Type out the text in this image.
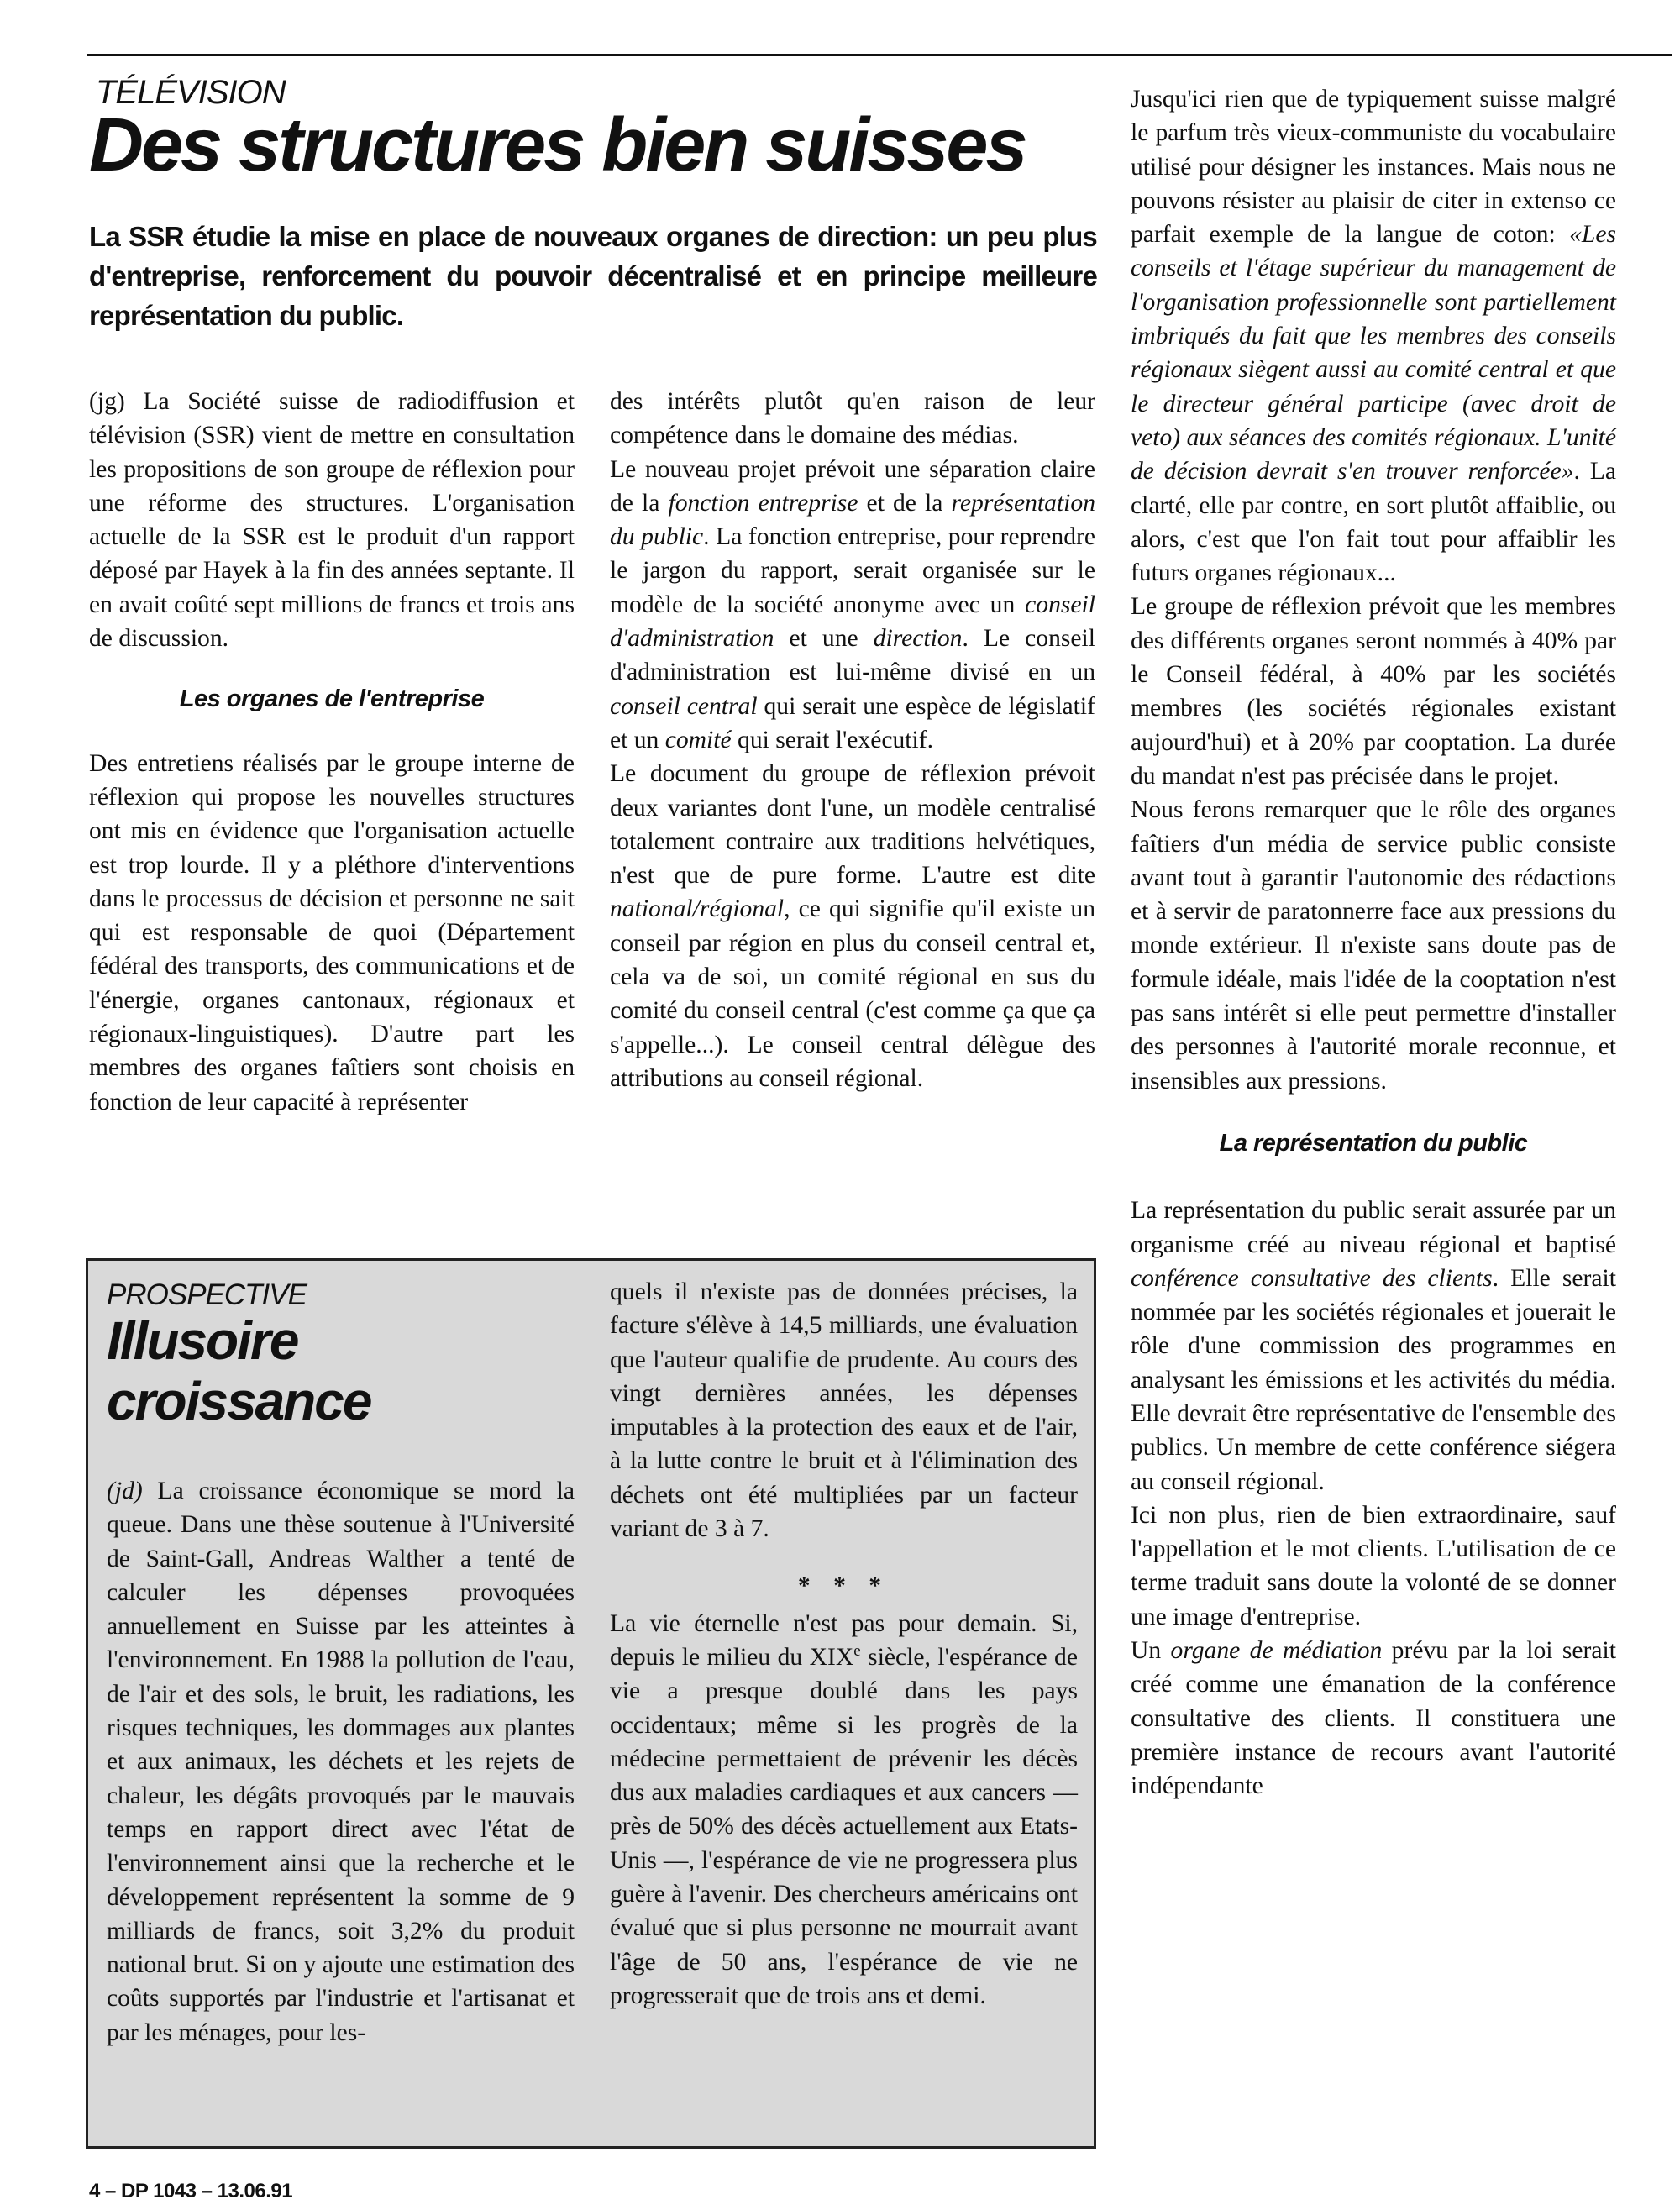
TÉLÉVISION
Des structures bien suisses
La SSR étudie la mise en place de nouveaux organes de direction: un peu plus d'entreprise, renforcement du pouvoir décentralisé et en principe meilleure représentation du public.

(jg) La Société suisse de radiodiffusion et télévision (SSR) vient de mettre en consultation les propositions de son groupe de réflexion pour une réforme des structures. L'organisation actuelle de la SSR est le produit d'un rapport déposé par Hayek à la fin des années septante. Il en avait coûté sept millions de francs et trois ans de discussion.

Les organes de l'entreprise

Des entretiens réalisés par le groupe interne de réflexion qui propose les nouvelles structures ont mis en évidence que l'organisation actuelle est trop lourde. Il y a pléthore d'interventions dans le processus de décision et personne ne sait qui est responsable de quoi (Département fédéral des transports, des communications et de l'énergie, organes cantonaux, régionaux et régionaux-linguistiques). D'autre part les membres des organes faîtiers sont choisis en fonction de leur capacité à représenter

des intérêts plutôt qu'en raison de leur compétence dans le domaine des médias.

Le nouveau projet prévoit une séparation claire de la fonction entreprise et de la représentation du public. La fonction entreprise, pour reprendre le jargon du rapport, serait organisée sur le modèle de la société anonyme avec un conseil d'administration et une direction. Le conseil d'administration est lui-même divisé en un conseil central qui serait une espèce de législatif et un comité qui serait l'exécutif.

Le document du groupe de réflexion prévoit deux variantes dont l'une, un modèle centralisé totalement contraire aux traditions helvétiques, n'est que de pure forme. L'autre est dite national/régional, ce qui signifie qu'il existe un conseil par région en plus du conseil central et, cela va de soi, un comité régional en sus du comité du conseil central (c'est comme ça que ça s'appelle...). Le conseil central délègue des attributions au conseil régional.

Jusqu'ici rien que de typiquement suisse malgré le parfum très vieux-communiste du vocabulaire utilisé pour désigner les instances. Mais nous ne pouvons résister au plaisir de citer in extenso ce parfait exemple de la langue de coton: «Les conseils et l'étage supérieur du management de l'organisation professionnelle sont partiellement imbriqués du fait que les membres des conseils régionaux siègent aussi au comité central et que le directeur général participe (avec droit de veto) aux séances des comités régionaux. L'unité de décision devrait s'en trouver renforcée». La clarté, elle par contre, en sort plutôt affaiblie, ou alors, c'est que l'on fait tout pour affaiblir les futurs organes régionaux...

Le groupe de réflexion prévoit que les membres des différents organes seront nommés à 40% par le Conseil fédéral, à 40% par les sociétés membres (les sociétés régionales existant aujourd'hui) et à 20% par cooptation. La durée du mandat n'est pas précisée dans le projet.

Nous ferons remarquer que le rôle des organes faîtiers d'un média de service public consiste avant tout à garantir l'autonomie des rédactions et à servir de paratonnerre face aux pressions du monde extérieur. Il n'existe sans doute pas de formule idéale, mais l'idée de la cooptation n'est pas sans intérêt si elle peut permettre d'installer des personnes à l'autorité morale reconnue, et insensibles aux pressions.

La représentation du public

La représentation du public serait assurée par un organisme créé au niveau régional et baptisé conférence consultative des clients. Elle serait nommée par les sociétés régionales et jouerait le rôle d'une commission des programmes en analysant les émissions et les activités du média. Elle devrait être représentative de l'ensemble des publics. Un membre de cette conférence siégera au conseil régional.

Ici non plus, rien de bien extraordinaire, sauf l'appellation et le mot clients. L'utilisation de ce terme traduit sans doute la volonté de se donner une image d'entreprise.

Un organe de médiation prévu par la loi serait créé comme une émanation de la conférence consultative des clients. Il constituera une première instance de recours avant l'autorité indépendante

PROSPECTIVE
Illusoire
croissance

(jd) La croissance économique se mord la queue. Dans une thèse soutenue à l'Université de Saint-Gall, Andreas Walther a tenté de calculer les dépenses provoquées annuellement en Suisse par les atteintes à l'environnement. En 1988 la pollution de l'eau, de l'air et des sols, le bruit, les radiations, les risques techniques, les dommages aux plantes et aux animaux, les déchets et les rejets de chaleur, les dégâts provoqués par le mauvais temps en rapport direct avec l'état de l'environnement ainsi que la recherche et le développement représentent la somme de 9 milliards de francs, soit 3,2% du produit national brut. Si on y ajoute une estimation des coûts supportés par l'industrie et l'artisanat et par les ménages, pour les-

quels il n'existe pas de données précises, la facture s'élève à 14,5 milliards, une évaluation que l'auteur qualifie de prudente. Au cours des vingt dernières années, les dépenses imputables à la protection des eaux et de l'air, à la lutte contre le bruit et à l'élimination des déchets ont été multipliées par un facteur variant de 3 à 7.

* * *

La vie éternelle n'est pas pour demain. Si, depuis le milieu du XIXe siècle, l'espérance de vie a presque doublé dans les pays occidentaux; même si les progrès de la médecine permettaient de prévenir les décès dus aux maladies cardiaques et aux cancers — près de 50% des décès actuellement aux Etats-Unis —, l'espérance de vie ne progressera plus guère à l'avenir. Des chercheurs américains ont évalué que si plus personne ne mourrait avant l'âge de 50 ans, l'espérance de vie ne progresserait que de trois ans et demi.

4 – DP 1043 – 13.06.91
